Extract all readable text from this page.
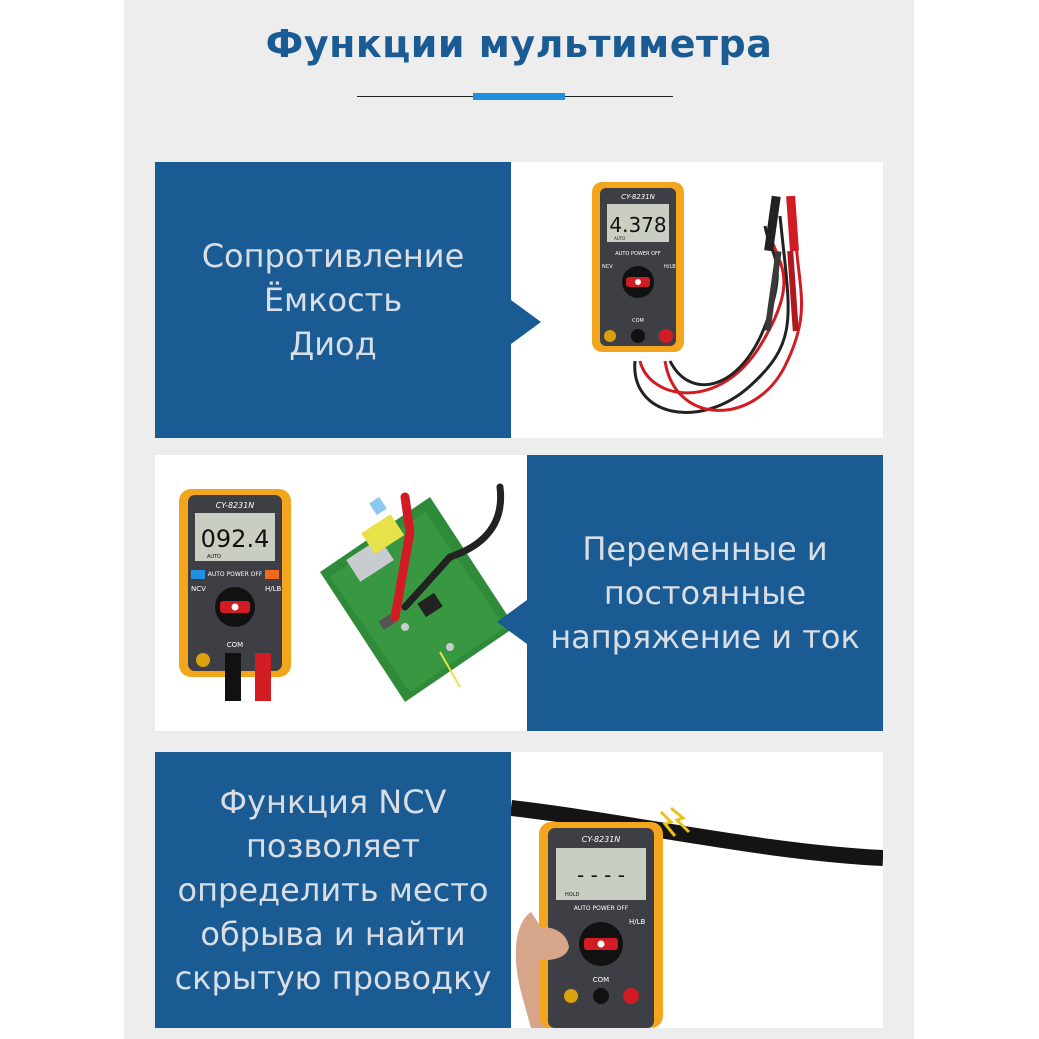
Функции мультиметра
Сопротивление
Ёмкость
Диод
CY-8231N
4.378
AUTO
AUTO POWER OFF
NCV	H/LB
COM
CY-8231N
092.4
AUTO
AUTO POWER OFF
NCV	H/LB
COM
Переменные и
постоянные
напряжение и ток
Функция NCV
позволяет
определить место
обрыва и найти
скрытую проводку
CY-8231N
- - - -
HOLD
AUTO POWER OFF
H/LB
COM
